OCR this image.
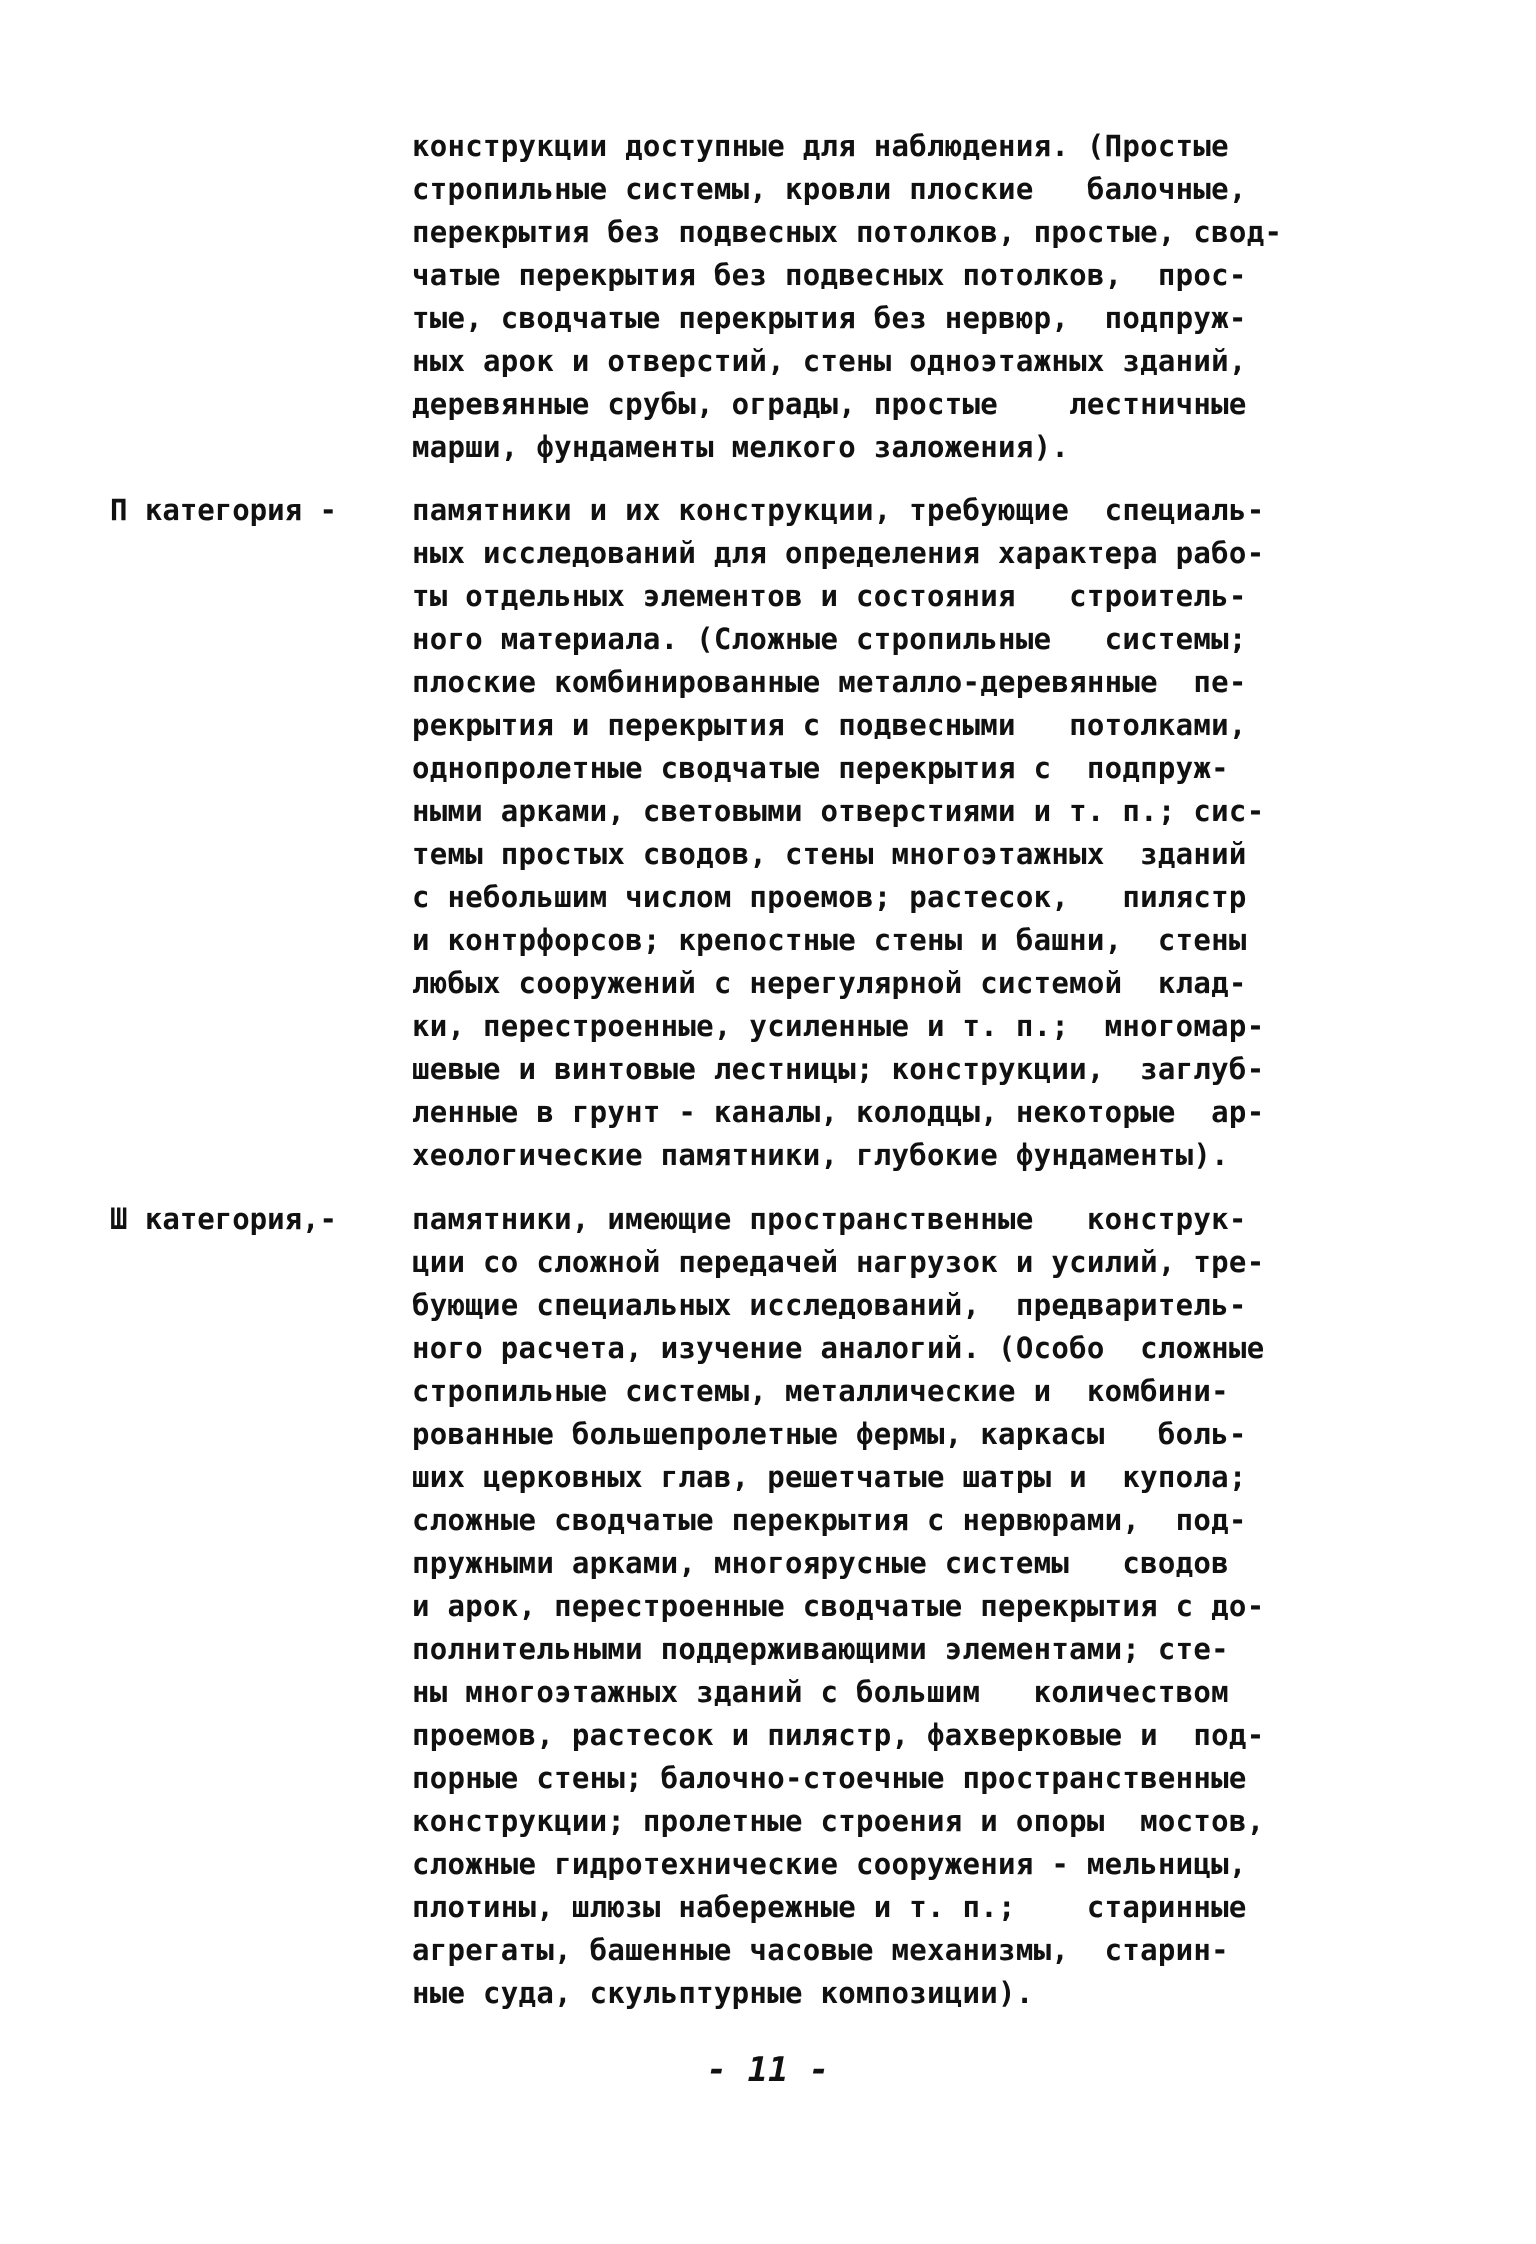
конструкции доступные для наблюдения. (Простые
стропильные системы, кровли плоские   балочные,
перекрытия без подвесных потолков, простые, свод-
чатые перекрытия без подвесных потолков,  прос-
тые, сводчатые перекрытия без нервюр,  подпруж-
ных арок и отверстий, стены одноэтажных зданий,
деревянные срубы, ограды, простые    лестничные
марши, фундаменты мелкого заложения).
П категория -	памятники и их конструкции, требующие  специаль-
ных исследований для определения характера рабо-
ты отдельных элементов и состояния   строитель-
ного материала. (Сложные стропильные   системы;
плоские комбинированные металло-деревянные  пе-
рекрытия и перекрытия с подвесными   потолками,
однопролетные сводчатые перекрытия с  подпруж-
ными арками, световыми отверстиями и т. п.; сис-
темы простых сводов, стены многоэтажных  зданий
с небольшим числом проемов; растесок,   пилястр
и контрфорсов; крепостные стены и башни,  стены
любых сооружений с нерегулярной системой  клад-
ки, перестроенные, усиленные и т. п.;  многомар-
шевые и винтовые лестницы; конструкции,  заглуб-
ленные в грунт - каналы, колодцы, некоторые  ар-
хеологические памятники, глубокие фундаменты).
Ш категория,-	памятники, имеющие пространственные   конструк-
ции со сложной передачей нагрузок и усилий, тре-
бующие специальных исследований,  предваритель-
ного расчета, изучение аналогий. (Особо  сложные
стропильные системы, металлические и  комбини-
рованные большепролетные фермы, каркасы   боль-
ших церковных глав, решетчатые шатры и  купола;
сложные сводчатые перекрытия с нервюрами,  под-
пружными арками, многоярусные системы   сводов
и арок, перестроенные сводчатые перекрытия с до-
полнительными поддерживающими элементами; сте-
ны многоэтажных зданий с большим   количеством
проемов, растесок и пилястр, фахверковые и  под-
порные стены; балочно-стоечные пространственные
конструкции; пролетные строения и опоры  мостов,
сложные гидротехнические сооружения - мельницы,
плотины, шлюзы набережные и т. п.;    старинные
агрегаты, башенные часовые механизмы,  старин-
ные суда, скульптурные композиции).
- 11 -
